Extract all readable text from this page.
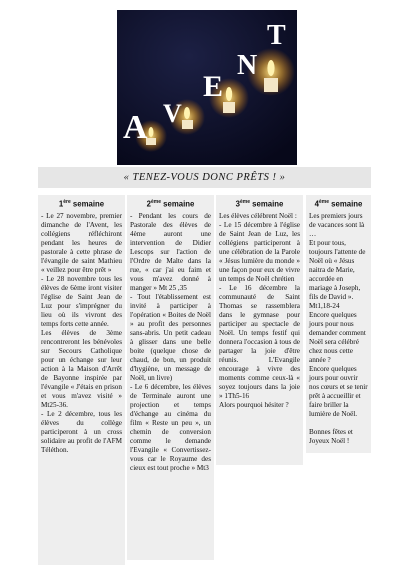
A V
E
N
T
« TENEZ-VOUS DONC PRÊTS ! »
1ère semaine

- Le 27 novembre, premier dimanche de l'Avent, les collégiens réfléchiront pendant les heures de pastorale à cette phrase de l'évangile de saint Mathieu « veillez pour être prêt »
- Le 28 novembre tous les élèves de 6ème iront visiter l'église de Saint Jean de Luz pour s'imprégner du lieu où ils vivront des temps forts cette année.
Les élèves de 3ème rencontreront les bénévoles sur Secours Catholique pour un échange sur leur action à la Maison d'Arrêt de Bayonne inspirée par l'évangile « J'étais en prison et vous m'avez visité » Mt25-36.
- Le 2 décembre, tous les élèves du collège participeront à un cross solidaire au profit de l'AFM Téléthon.

2ème semaine

- Pendant les cours de Pastorale des élèves de 4ème auront une intervention de Didier Lescops sur l'action de l'Ordre de Malte dans la rue, « car j'ai eu faim et vous m'avez donné à manger » Mt 25 ,35
- Tout l'établissement est invité à participer à l'opération « Boites de Noël » au profit des personnes sans-abris. Un petit cadeau à glisser dans une belle boite (quelque chose de chaud, de bon, un produit d'hygiène, un message de Noël, un livre)
- Le 6 décembre, les élèves de Terminale auront une projection et temps d'échange au cinéma du film « Reste un peu », un chemin de conversion comme le demande l'Evangile « Convertissez-vous car le Royaume des cieux est tout proche » Mt3

3ème semaine

Les élèves célébrent Noël :
- Le 15 décembre à l'église de Saint Jean de Luz, les collégiens participeront à une célébration de la Parole « Jésus lumière du monde » une façon pour eux de vivre un temps de Noël chrétien
- Le 16 décembre la communauté de Saint Thomas se rassemblera dans le gymnase pour participer au spectacle de Noël. Un temps festif qui donnera l'occasion à tous de partager la joie d'être réunis. L'Evangile encourage à vivre des moments comme ceux-là « soyez toujours dans la joie » 1Th5-16
Alors pourquoi hésiter ?

4ème semaine

Les premiers jours de vacances sont là …
Et pour tous, toujours l'attente de Noël où « Jésus naitra de Marie, accordée en mariage à Joseph, fils de David ». Mt1,18-24
Encore quelques jours pour nous demander comment Noël sera célébré chez nous cette année ?
Encore quelques jours pour ouvrir nos cœurs et se tenir prêt à accueillir et faire briller la lumière de Noël.

Bonnes fêtes et Joyeux Noël !
